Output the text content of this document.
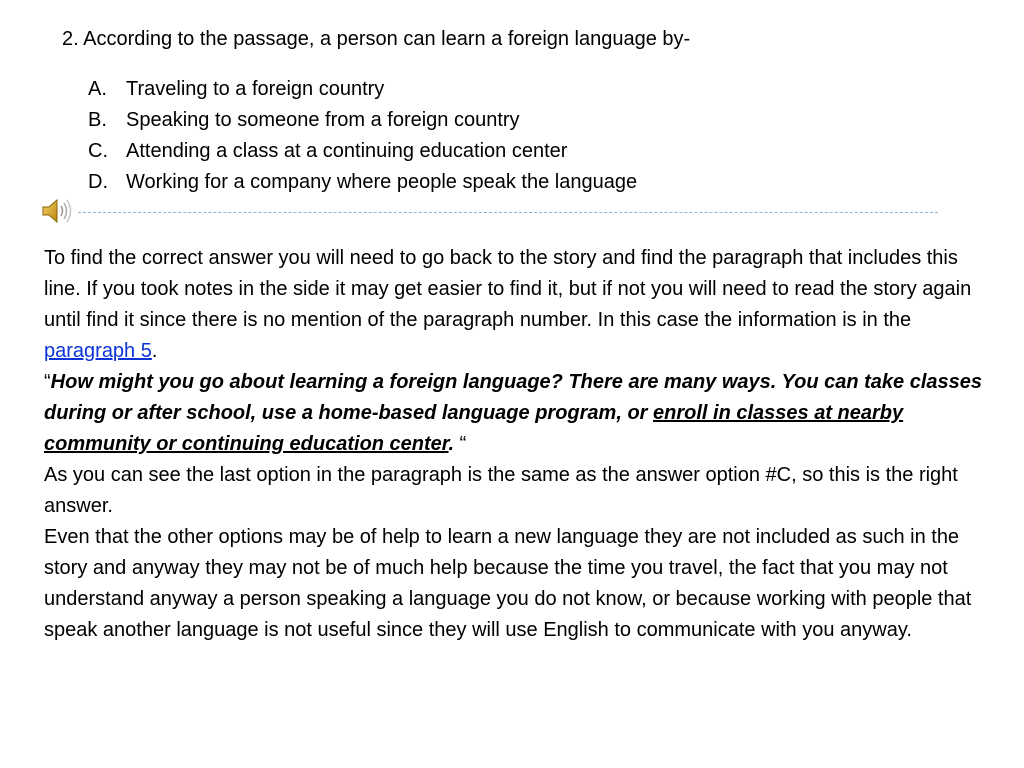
2. According to the passage, a person can learn a foreign language by-
A. Traveling to a foreign country
B. Speaking to someone from a foreign country
C. Attending a class at a continuing education center
D. Working for a company where people speak the language

To find the correct answer you will need to go back to the story and find the paragraph that includes this line. If you took notes in the side it may get easier to find it, but if not you will need to read the story again until find it since there is no mention of the paragraph number. In this case the information is in the paragraph 5.

“How might you go about learning a foreign language? There are many ways. You can take classes during or after school, use a home-based language program, or enroll in classes at nearby community or continuing education center. “

As you can see the last option in the paragraph is the same as the answer option #C, so this is the right answer.

Even that the other options may be of help to learn a new language they are not included as such in the story and anyway they may not be of much help because the time you travel, the fact that you may not understand anyway a person speaking a language you do not know, or because working with people that speak another language is not useful since they will use English to communicate with you anyway.
